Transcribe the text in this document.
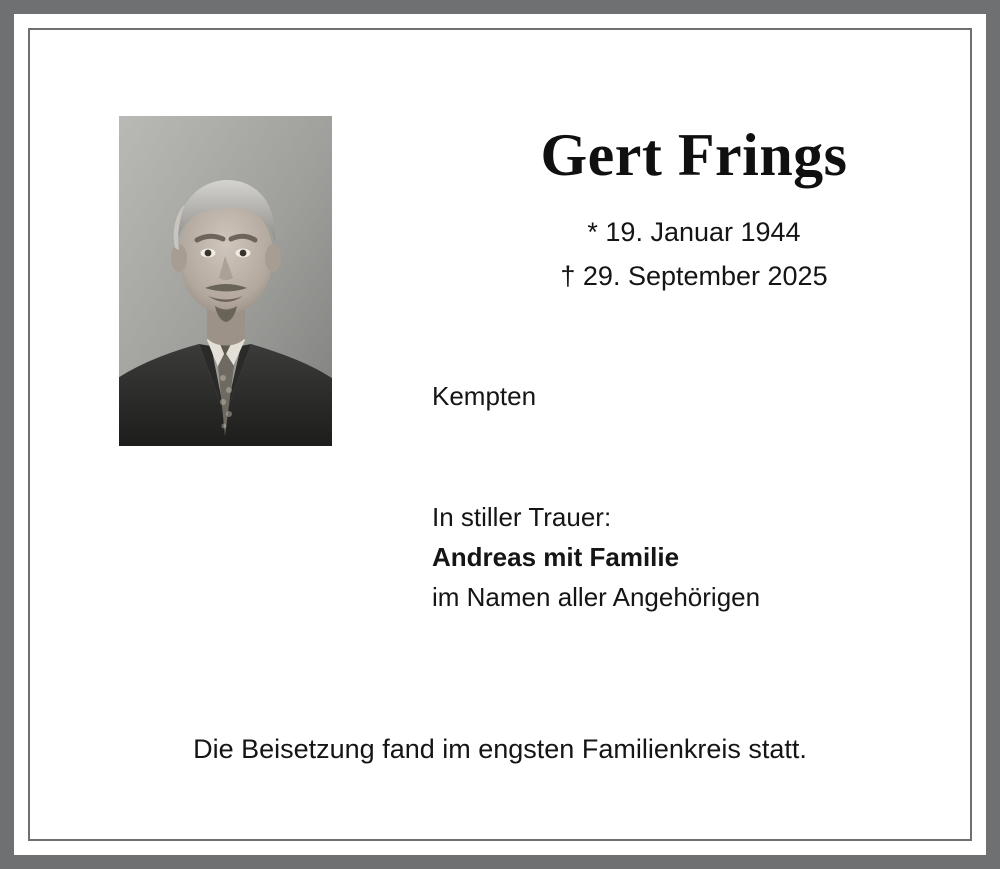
Gert Frings
* 19. Januar 1944
† 29. September 2025
Kempten
In stiller Trauer:
Andreas mit Familie
im Namen aller Angehörigen
Die Beisetzung fand im engsten Familienkreis statt.
